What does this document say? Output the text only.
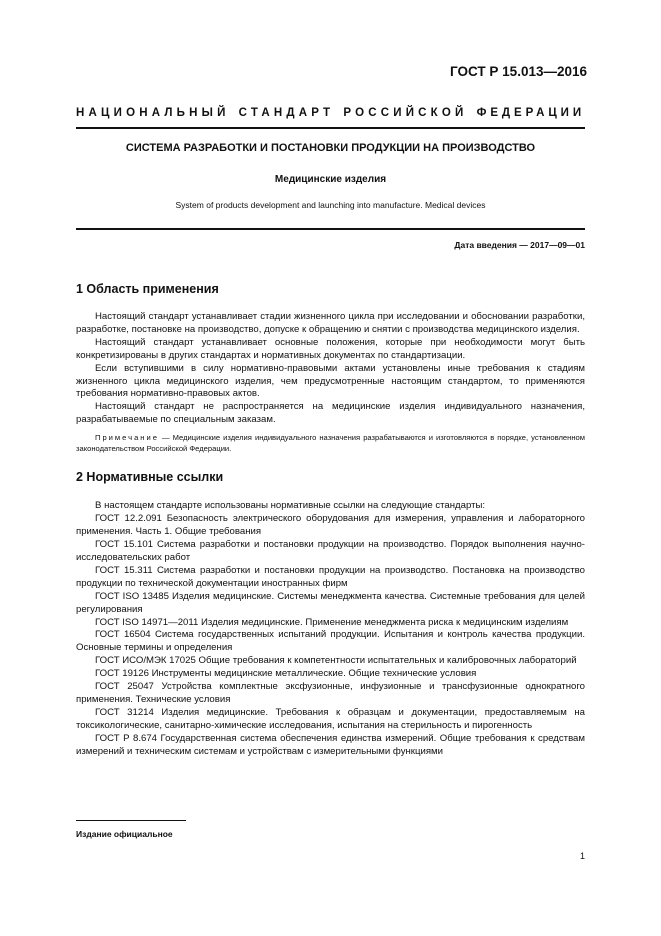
ГОСТ Р 15.013—2016
НАЦИОНАЛЬНЫЙ СТАНДАРТ РОССИЙСКОЙ ФЕДЕРАЦИИ
СИСТЕМА РАЗРАБОТКИ И ПОСТАНОВКИ ПРОДУКЦИИ НА ПРОИЗВОДСТВО
Медицинские изделия
System of products development and launching into manufacture. Medical devices
Дата введения — 2017—09—01
1 Область применения

Настоящий стандарт устанавливает стадии жизненного цикла при исследовании и обосновании разработки, разработке, постановке на производство, допуске к обращению и снятии с производства медицинского изделия.

Настоящий стандарт устанавливает основные положения, которые при необходимости могут быть конкретизированы в других стандартах и нормативных документах по стандартизации.

Если вступившими в силу нормативно-правовыми актами установлены иные требования к стадиям жизненного цикла медицинского изделия, чем предусмотренные настоящим стандартом, то применяются требования нормативно-правовых актов.

Настоящий стандарт не распространяется на медицинские изделия индивидуального назначения, разрабатываемые по специальным заказам.

Примечание — Медицинские изделия индивидуального назначения разрабатываются и изготовляются в порядке, установленном законодательством Российской Федерации.

2 Нормативные ссылки

В настоящем стандарте использованы нормативные ссылки на следующие стандарты:

ГОСТ 12.2.091 Безопасность электрического оборудования для измерения, управления и лабораторного применения. Часть 1. Общие требования

ГОСТ 15.101 Система разработки и постановки продукции на производство. Порядок выполнения научно-исследовательских работ

ГОСТ 15.311 Система разработки и постановки продукции на производство. Постановка на производство продукции по технической документации иностранных фирм

ГОСТ ISO 13485 Изделия медицинские. Системы менеджмента качества. Системные требования для целей регулирования

ГОСТ ISO 14971—2011 Изделия медицинские. Применение менеджмента риска к медицинским изделиям

ГОСТ 16504 Система государственных испытаний продукции. Испытания и контроль качества продукции. Основные термины и определения

ГОСТ ИСО/МЭК 17025 Общие требования к компетентности испытательных и калибровочных лабораторий

ГОСТ 19126 Инструменты медицинские металлические. Общие технические условия

ГОСТ 25047 Устройства комплектные эксфузионные, инфузионные и трансфузионные однократного применения. Технические условия

ГОСТ 31214 Изделия медицинские. Требования к образцам и документации, предоставляемым на токсикологические, санитарно-химические исследования, испытания на стерильность и пирогенность

ГОСТ Р 8.674 Государственная система обеспечения единства измерений. Общие требования к средствам измерений и техническим системам и устройствам с измерительными функциями

Издание официальное
1
